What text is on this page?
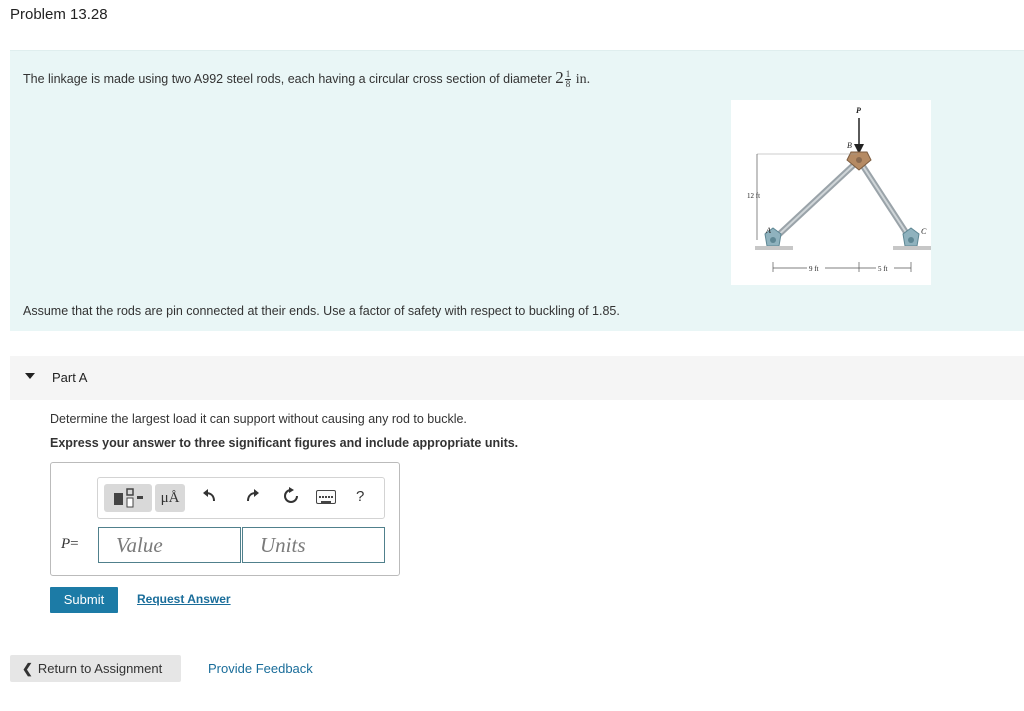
Problem 13.28
The linkage is made using two A992 steel rods, each having a circular cross section of diameter $2 \frac{1}{8}$ in.
Assume that the rods are pin connected at their ends. Use a factor of safety with respect to buckling of 1.85.
P
B
A	C
12 ft
9 ft	5 ft
Part A
Determine the largest load it can support without causing any rod to buckle.
Express your answer to three significant figures and include appropriate units.
μÅ	?
P=	Value	Units
Submit	Request Answer
❮ Return to Assignment	Provide Feedback
